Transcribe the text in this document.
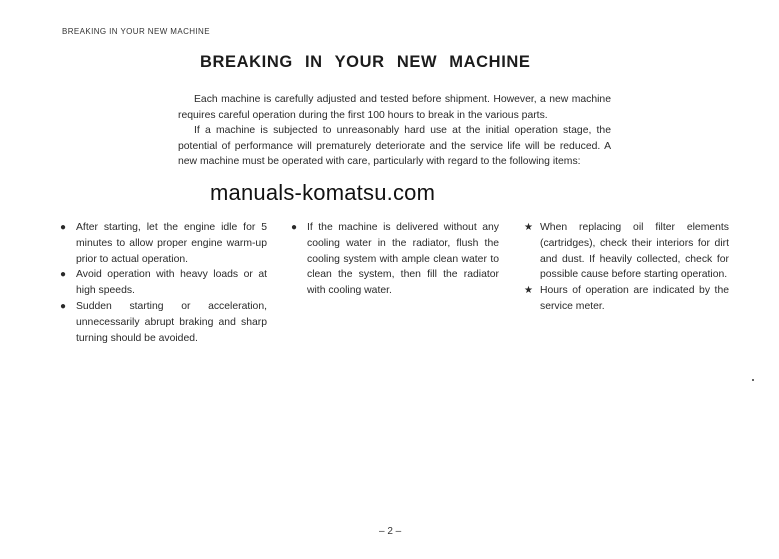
BREAKING IN YOUR NEW MACHINE
BREAKING IN YOUR NEW MACHINE

Each machine is carefully adjusted and tested before shipment. However, a new machine requires careful operation during the first 100 hours to break in the various parts.

If a machine is subjected to unreasonably hard use at the initial operation stage, the potential of performance will prematurely deteriorate and the service life will be reduced. A new machine must be operated with care, particularly with regard to the following items:

manuals-komatsu.com
● After starting, let the engine idle for 5 minutes to allow proper engine warm-up prior to actual operation.
● Avoid operation with heavy loads or at high speeds.
● Sudden starting or acceleration, unnecessarily abrupt braking and sharp turning should be avoided.
● If the machine is delivered without any cooling water in the radiator, flush the cooling system with ample clean water to clean the system, then fill the radiator with cooling water.
★ When replacing oil filter elements (cartridges), check their interiors for dirt and dust. If heavily collected, check for possible cause before starting operation.
★ Hours of operation are indicated by the service meter.
– 2 –
